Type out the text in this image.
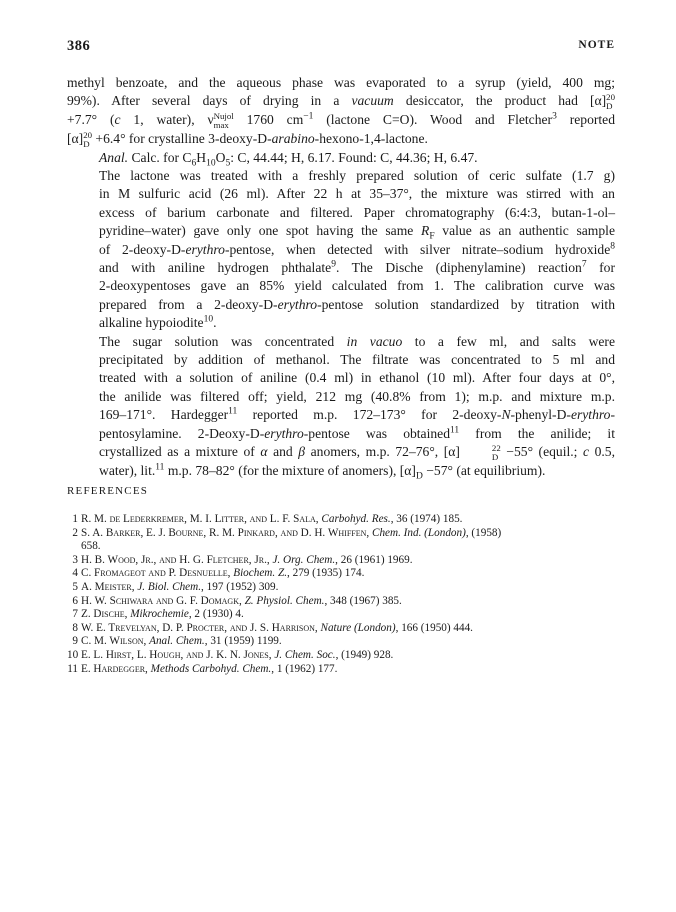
386	NOTE

methyl benzoate, and the aqueous phase was evaporated to a syrup (yield, 400 mg;
99%). After several days of drying in a vacuum desiccator, the product had [α] 20
D
+7.7° (c 1, water), ν Nujol
max 1760 $cm^{-1}$ (lactone C=O). Wood and Fletcher$^3$ reported
[α] 20
D +6.4° for crystalline 3-deoxy-D-arabino-hexono-1,4-lactone.

Anal. Calc. for $C_6H_{10}O_5$: C, 44.44; H, 6.17. Found: C, 44.36; H, 6.47.

The lactone was treated with a freshly prepared solution of ceric sulfate (1.7 g)
in M sulfuric acid (26 ml). After 22 h at 35–37°, the mixture was stirred with an
excess of barium carbonate and filtered. Paper chromatography (6:4:3, butan-1-ol–
pyridine–water) gave only one spot having the same $R_F$ value as an authentic sample
of 2-deoxy-D-erythro-pentose, when detected with silver nitrate–sodium hydroxide$^8$
and with aniline hydrogen phthalate$^9$. The Dische (diphenylamine) reaction$^7$ for
2-deoxypentoses gave an 85% yield calculated from 1. The calibration curve was
prepared from a 2-deoxy-D-erythro-pentose solution standardized by titration with
alkaline hypoiodite$^{10}$.

The sugar solution was concentrated in vacuo to a few ml, and salts were
precipitated by addition of methanol. The filtrate was concentrated to 5 ml and
treated with a solution of aniline (0.4 ml) in ethanol (10 ml). After four days at 0°,
the anilide was filtered off; yield, 212 mg (40.8% from 1); m.p. and mixture m.p.
169–171°. Hardegger$^{11}$ reported m.p. 172–173° for 2-deoxy-N-phenyl-D-erythro-
pentosylamine. 2-Deoxy-D-erythro-pentose was obtained$^{11}$ from the anilide; it
crystallized as a mixture of α and β anomers, m.p. 72–76°, [α]	22
D −55° (equil.; c 0.5,
water), lit.$^{11}$ m.p. 78–82° (for the mixture of anomers), $[\alpha]_D -57^\circ$ (at equilibrium).

REFERENCES
1 R. M. de Lederkremer, M. I. Litter, and L. F. Sala, Carbohyd. Res., 36 (1974) 185.
2 S. A. Barker, E. J. Bourne, R. M. Pinkard, and D. H. Whiffen, Chem. Ind. (London), (1958)
658.
3 H. B. Wood, Jr., and H. G. Fletcher, Jr., J. Org. Chem., 26 (1961) 1969.
4 C. Fromageot and P. Desnuelle, Biochem. Z., 279 (1935) 174.
5 A. Meister, J. Biol. Chem., 197 (1952) 309.
6 H. W. Schiwara and G. F. Domagk, Z. Physiol. Chem., 348 (1967) 385.
7 Z. Dische, Mikrochemie, 2 (1930) 4.
8 W. E. Trevelyan, D. P. Procter, and J. S. Harrison, Nature (London), 166 (1950) 444.
9 C. M. Wilson, Anal. Chem., 31 (1959) 1199.
10 E. L. Hirst, L. Hough, and J. K. N. Jones, J. Chem. Soc., (1949) 928.
11 E. Hardegger, Methods Carbohyd. Chem., 1 (1962) 177.
